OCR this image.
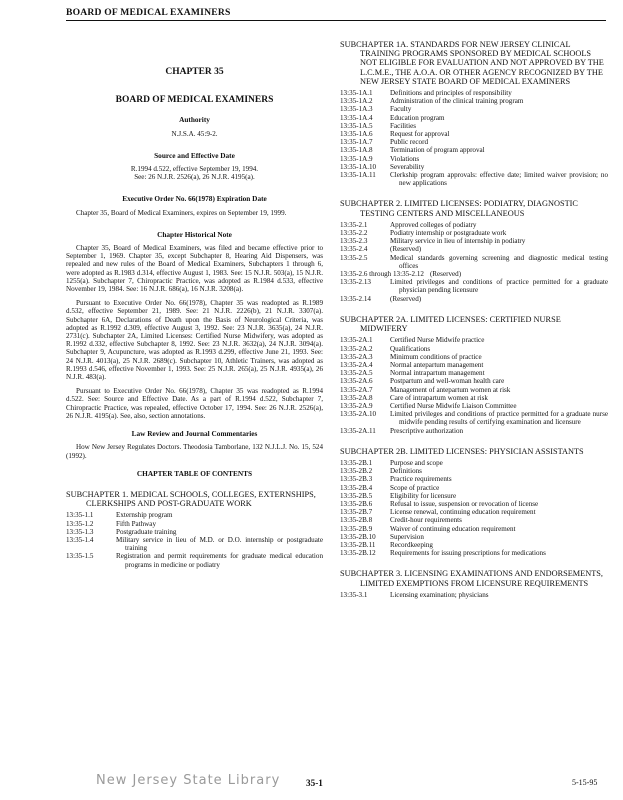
BOARD OF MEDICAL EXAMINERS
CHAPTER 35
BOARD OF MEDICAL EXAMINERS
Authority
N.J.S.A. 45:9-2.
Source and Effective Date
R.1994 d.522, effective September 19, 1994.
See: 26 N.J.R. 2526(a), 26 N.J.R. 4195(a).
Executive Order No. 66(1978) Expiration Date

Chapter 35, Board of Medical Examiners, expires on September 19, 1999.

Chapter Historical Note

Chapter 35, Board of Medical Examiners, was filed and became effective prior to September 1, 1969. Chapter 35, except Subchapter 8, Hearing Aid Dispensers, was repealed and new rules of the Board of Medical Examiners, Subchapters 1 through 6, were adopted as R.1983 d.314, effective August 1, 1983. See: 15 N.J.R. 503(a), 15 N.J.R. 1255(a). Subchapter 7, Chiropractic Practice, was adopted as R.1984 d.533, effective November 19, 1984. See: 16 N.J.R. 686(a), 16 N.J.R. 3208(a).

Pursuant to Executive Order No. 66(1978), Chapter 35 was readopted as R.1989 d.532, effective September 21, 1989. See: 21 N.J.R. 2226(b), 21 N.J.R. 3307(a). Subchapter 6A, Declarations of Death upon the Basis of Neurological Criteria, was adopted as R.1992 d.309, effective August 3, 1992. See: 23 N.J.R. 3635(a), 24 N.J.R. 2731(c). Subchapter 2A, Limited Licenses: Certified Nurse Midwifery, was adopted as R.1992 d.332, effective Subchapter 8, 1992. See: 23 N.J.R. 3632(a), 24 N.J.R. 3094(a). Subchapter 9, Acupuncture, was adopted as R.1993 d.299, effective June 21, 1993. See: 24 N.J.R. 4013(a), 25 N.J.R. 2689(c). Subchapter 10, Athletic Trainers, was adopted as R.1993 d.546, effective November 1, 1993. See: 25 N.J.R. 265(a), 25 N.J.R. 4935(a), 26 N.J.R. 483(a).

Pursuant to Executive Order No. 66(1978), Chapter 35 was readopted as R.1994 d.522. See: Source and Effective Date. As a part of R.1994 d.522, Subchapter 7, Chiropractic Practice, was repealed, effective October 17, 1994. See: 26 N.J.R. 2526(a), 26 N.J.R. 4195(a). See, also, section annotations.

Law Review and Journal Commentaries

How New Jersey Regulates Doctors. Theodosia Tamborlane, 132 N.J.L.J. No. 15, 524 (1992).

CHAPTER TABLE OF CONTENTS
SUBCHAPTER 1. MEDICAL SCHOOLS, COLLEGES, EXTERNSHIPS, CLERKSHIPS AND POST-GRADUATE WORK
13:35-1.1	Externship program
13:35-1.2	Fifth Pathway
13:35-1.3	Postgraduate training
13:35-1.4	Military service in lieu of M.D. or D.O. internship or postgraduate training
13:35-1.5	Registration and permit requirements for graduate medical education programs in medicine or podiatry
SUBCHAPTER 1A. STANDARDS FOR NEW JERSEY CLINICAL TRAINING PROGRAMS SPONSORED BY MEDICAL SCHOOLS NOT ELIGIBLE FOR EVALUATION AND NOT APPROVED BY THE L.C.M.E., THE A.O.A. OR OTHER AGENCY RECOGNIZED BY THE NEW JERSEY STATE BOARD OF MEDICAL EXAMINERS
13:35-1A.1	Definitions and principles of responsibility
13:35-1A.2	Administration of the clinical training program
13:35-1A.3	Faculty
13:35-1A.4	Education program
13:35-1A.5	Facilities
13:35-1A.6	Request for approval
13:35-1A.7	Public record
13:35-1A.8	Termination of program approval
13:35-1A.9	Violations
13:35-1A.10	Severability
13:35-1A.11	Clerkship program approvals: effective date; limited waiver provision; no new applications
SUBCHAPTER 2. LIMITED LICENSES: PODIATRY, DIAGNOSTIC TESTING CENTERS AND MISCELLANEOUS
13:35-2.1	Approved colleges of podiatry
13:35-2.2	Podiatry internship or postgraduate work
13:35-2.3	Military service in lieu of internship in podiatry
13:35-2.4	(Reserved)
13:35-2.5	Medical standards governing screening and diagnostic medical testing offices
13:35-2.6 through 13:35-2.12 (Reserved)
13:35-2.13	Limited privileges and conditions of practice permitted for a graduate physician pending licensure
13:35-2.14	(Reserved)
SUBCHAPTER 2A. LIMITED LICENSES: CERTIFIED NURSE MIDWIFERY
13:35-2A.1	Certified Nurse Midwife practice
13:35-2A.2	Qualifications
13:35-2A.3	Minimum conditions of practice
13:35-2A.4	Normal antepartum management
13:35-2A.5	Normal intrapartum management
13:35-2A.6	Postpartum and well-woman health care
13:35-2A.7	Management of antepartum women at risk
13:35-2A.8	Care of intrapartum women at risk
13:35-2A.9	Certified Nurse Midwife Liaison Committee
13:35-2A.10	Limited privileges and conditions of practice permitted for a graduate nurse midwife pending results of certifying examination and licensure
13:35-2A.11	Prescriptive authorization
SUBCHAPTER 2B. LIMITED LICENSES: PHYSICIAN ASSISTANTS
13:35-2B.1	Purpose and scope
13:35-2B.2	Definitions
13:35-2B.3	Practice requirements
13:35-2B.4	Scope of practice
13:35-2B.5	Eligibility for licensure
13:35-2B.6	Refusal to issue, suspension or revocation of license
13:35-2B.7	License renewal, continuing education requirement
13:35-2B.8	Credit-hour requirements
13:35-2B.9	Waiver of continuing education requirement
13:35-2B.10	Supervision
13:35-2B.11	Recordkeeping
13:35-2B.12	Requirements for issuing prescriptions for medications
SUBCHAPTER 3. LICENSING EXAMINATIONS AND ENDORSEMENTS, LIMITED EXEMPTIONS FROM LICENSURE REQUIREMENTS
13:35-3.1	Licensing examination; physicians
New Jersey State Library	35-1	5-15-95
